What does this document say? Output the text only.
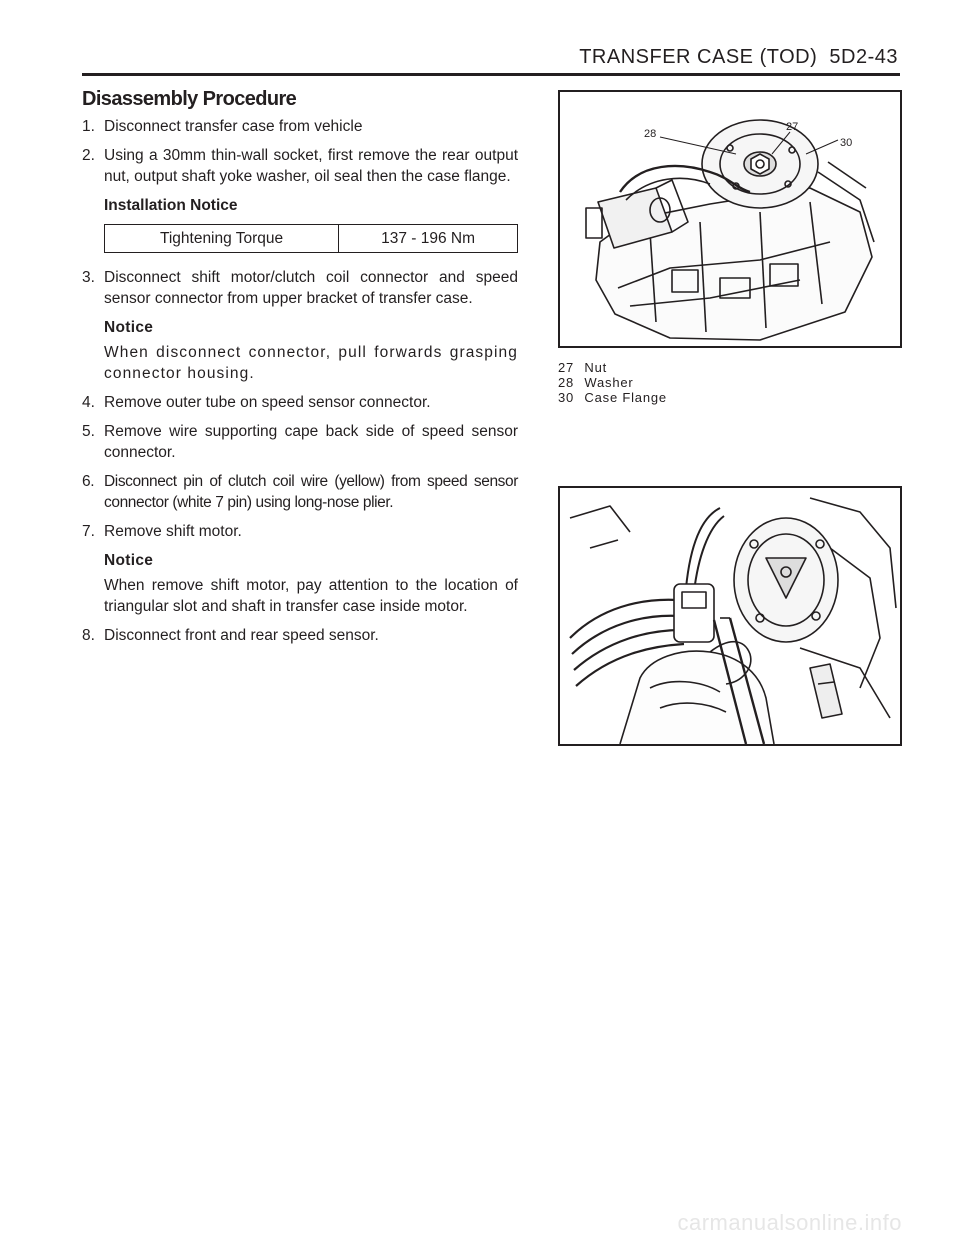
TRANSFER CASE (TOD) 5D2-43
Disassembly Procedure
1. Disconnect transfer case from vehicle
2. Using a 30mm thin-wall socket, first remove the rear output nut, output shaft yoke washer, oil seal then the case flange.
Installation Notice
Tightening Torque	137 - 196 Nm
3. Disconnect shift motor/clutch coil connector and speed sensor connector from upper bracket of transfer case.
Notice
When disconnect connector, pull forwards grasping connector housing.
4. Remove outer tube on speed sensor connector.
5. Remove wire supporting cape back side of speed sensor connector.
6. Disconnect pin of clutch coil wire (yellow) from speed sensor connector (white 7 pin) using long-nose plier.
7. Remove shift motor.
Notice
When remove shift motor, pay attention to the location of triangular slot and shaft in transfer case inside motor.
8. Disconnect front and rear speed sensor.
28
27
30
27 Nut
28 Washer
30 Case Flange
carmanualsonline.info
